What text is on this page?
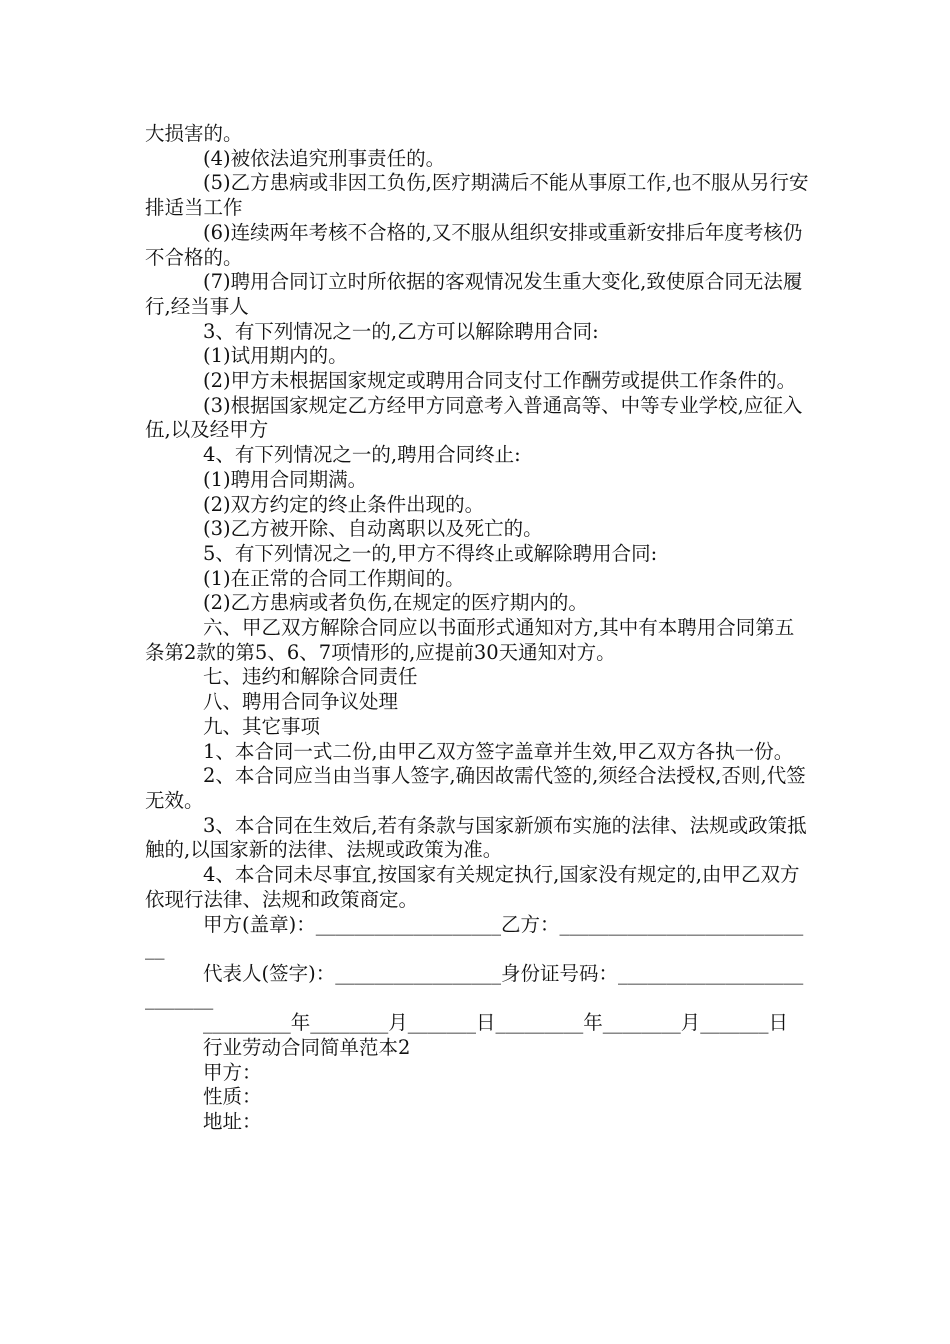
大损害的。

(4)被依法追究刑事责任的。

(5)乙方患病或非因工负伤,医疗期满后不能从事原工作,也不服从另行安排适当工作

(6)连续两年考核不合格的,又不服从组织安排或重新安排后年度考核仍不合格的。

(7)聘用合同订立时所依据的客观情况发生重大变化,致使原合同无法履行,经当事人

3、有下列情况之一的,乙方可以解除聘用合同:

(1)试用期内的。

(2)甲方未根据国家规定或聘用合同支付工作酬劳或提供工作条件的。

(3)根据国家规定乙方经甲方同意考入普通高等、中等专业学校,应征入伍,以及经甲方

4、有下列情况之一的,聘用合同终止:

(1)聘用合同期满。

(2)双方约定的终止条件出现的。

(3)乙方被开除、自动离职以及死亡的。

5、有下列情况之一的,甲方不得终止或解除聘用合同:

(1)在正常的合同工作期间的。

(2)乙方患病或者负伤,在规定的医疗期内的。

六、甲乙双方解除合同应以书面形式通知对方,其中有本聘用合同第五条第2款的第5、6、7项情形的,应提前30天通知对方。

七、违约和解除合同责任

八、聘用合同争议处理

九、其它事项

1、本合同一式二份,由甲乙双方签字盖章并生效,甲乙双方各执一份。

2、本合同应当由当事人签字,确因故需代签的,须经合法授权,否则,代签无效。

3、本合同在生效后,若有条款与国家新颁布实施的法律、法规或政策抵触的,以国家新的法律、法规或政策为准。

4、本合同未尽事宜,按国家有关规定执行,国家没有规定的,由甲乙双方依现行法律、法规和政策商定。

甲方(盖章)：___________________乙方：___________________________

代表人(签字)：_________________身份证号码：__________________________

_________年________月_______日_________年________月_______日

行业劳动合同简单范本2

甲方：

性质：

地址：
